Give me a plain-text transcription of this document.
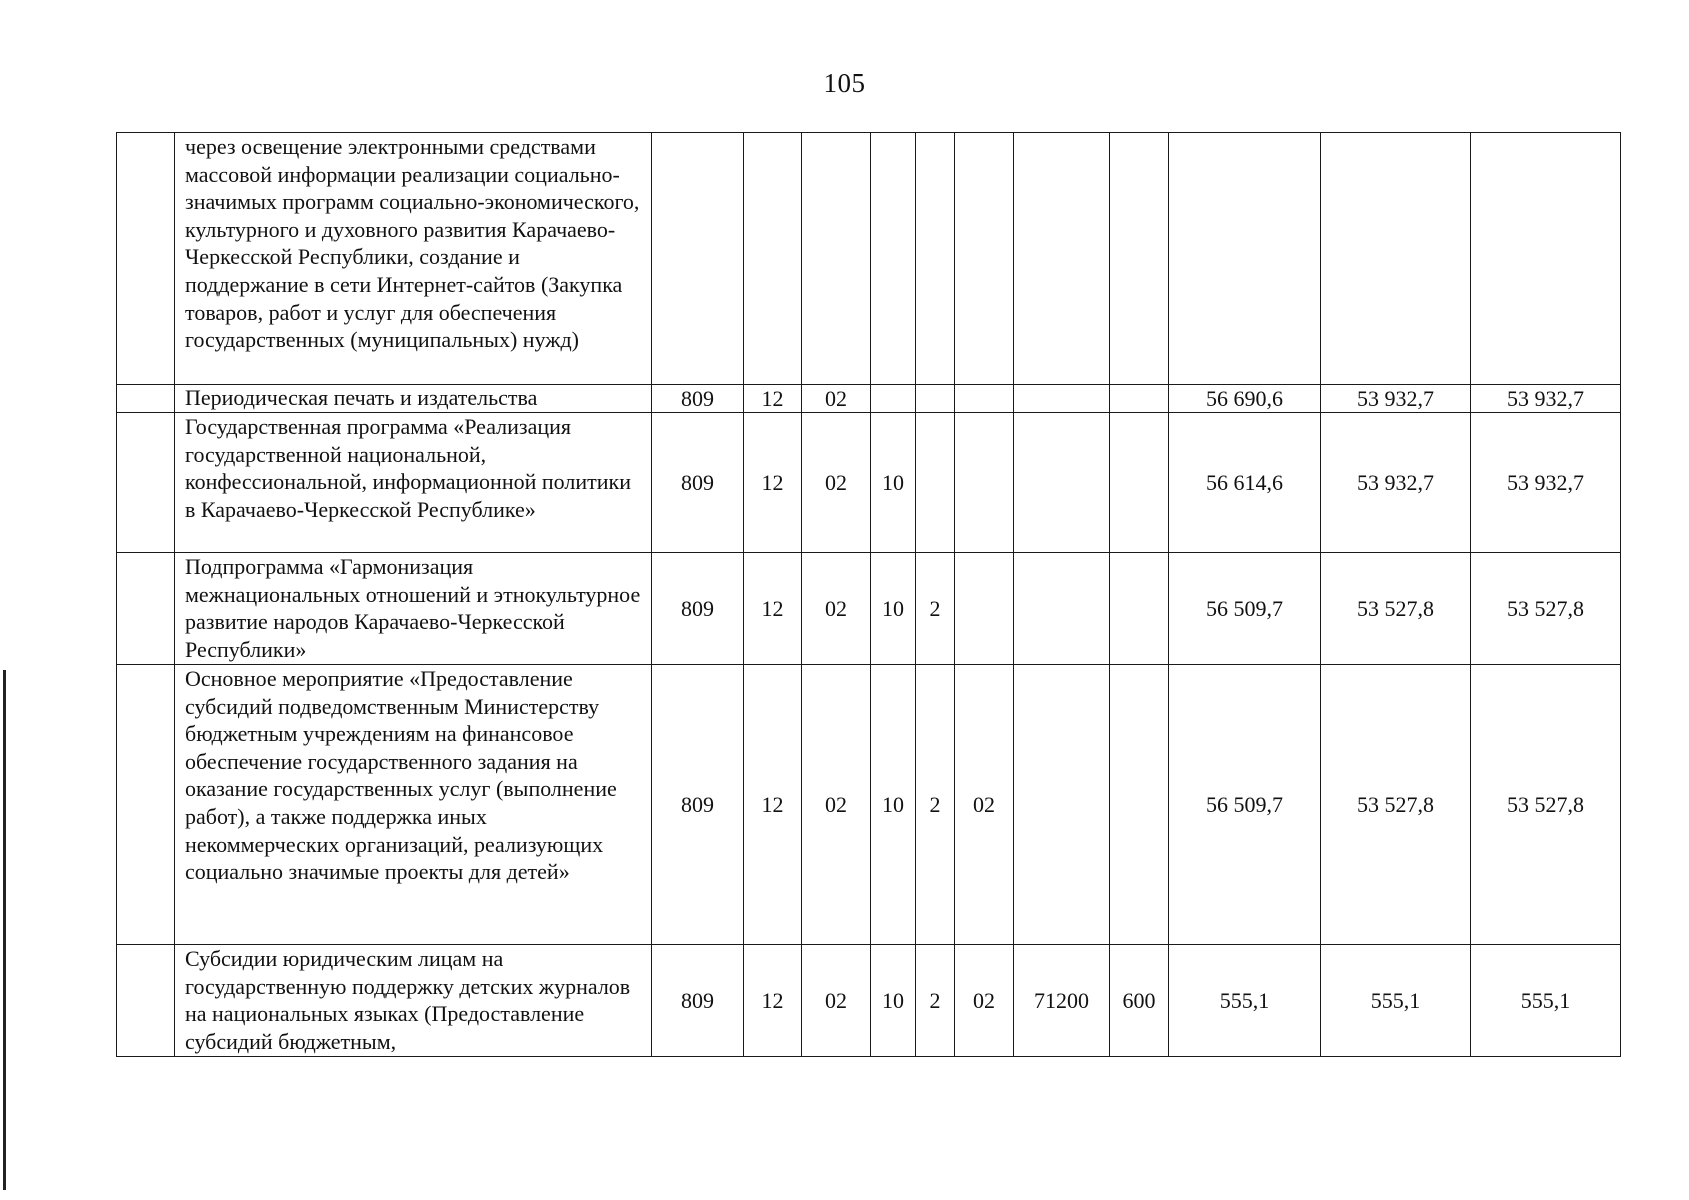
105
	через освещение электронными средствами массовой информации реализации социально-значимых программ социально-экономического, культурного и духовного развития Карачаево-Черкесской Республики, создание и поддержание в сети Интернет-сайтов (Закупка товаров, работ и услуг для обеспечения государственных (муниципальных) нужд)											
	Периодическая печать и издательства	809	12	02						56 690,6	53 932,7	53 932,7
	Государственная программа «Реализация государственной национальной, конфессиональной, информационной политики в Карачаево-Черкесской Республике»	809	12	02	10					56 614,6	53 932,7	53 932,7
	Подпрограмма «Гармонизация межнациональных отношений и этнокультурное развитие народов Карачаево-Черкесской Республики»	809	12	02	10	2				56 509,7	53 527,8	53 527,8
	Основное мероприятие «Предоставление субсидий подведомственным Министерству бюджетным учреждениям на финансовое обеспечение государственного задания на оказание государственных услуг (выполнение работ), а также поддержка иных некоммерческих организаций, реализующих социально значимые проекты для детей»	809	12	02	10	2	02			56 509,7	53 527,8	53 527,8
	Субсидии юридическим лицам на государственную поддержку детских журналов на национальных языках (Предоставление субсидий бюджетным,	809	12	02	10	2	02	71200	600	555,1	555,1	555,1
